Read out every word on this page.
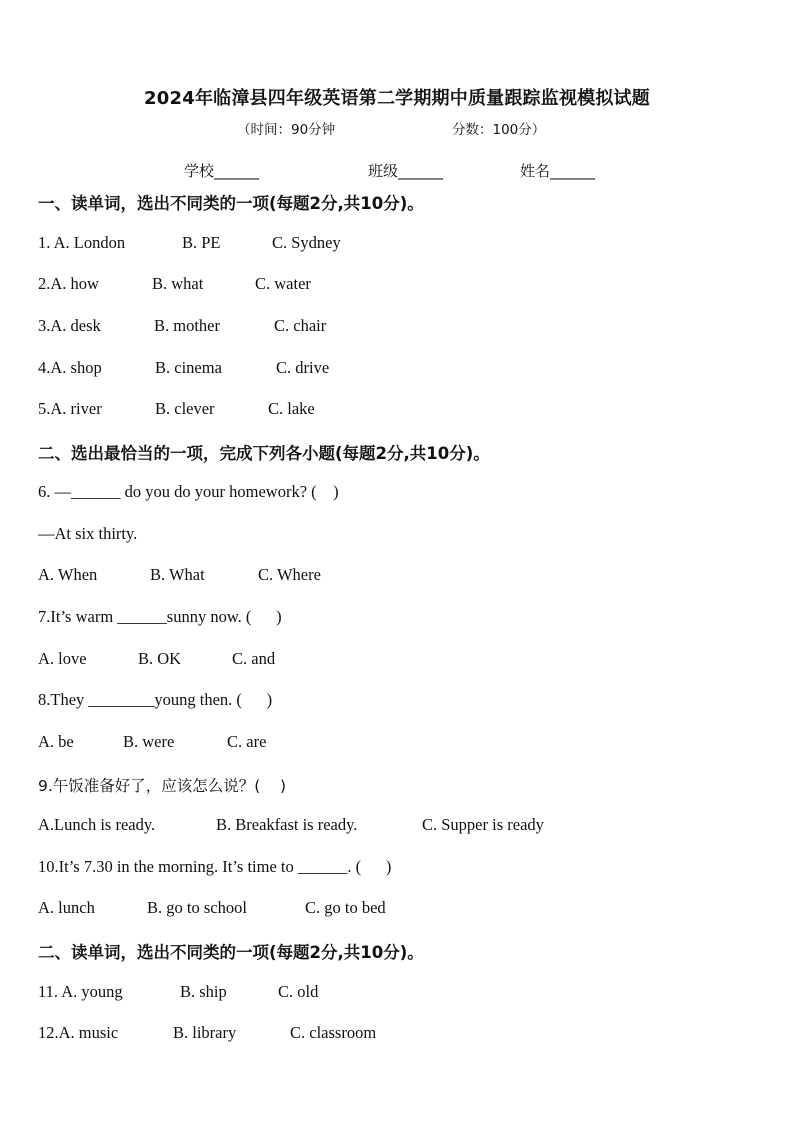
2024年临漳县四年级英语第二学期期中质量跟踪监视模拟试题
（时间：90分钟	分数：100分）
学校______	班级______	姓名______
一、读单词，选出不同类的一项(每题2分,共10分)。
1. A. London	B. PE	C. Sydney
2.A. how	B. what	C. water
3.A. desk	B. mother	C. chair
4.A. shop	B. cinema	C. drive
5.A. river	B. clever	C. lake
二、选出最恰当的一项，完成下列各小题(每题2分,共10分)。
6. —______ do you do your homework? (    )
—At six thirty.
A. When	B. What	C. Where
7.It’s warm ______sunny now. (      )
A. love	B. OK	C. and
8.They ________young then. (      )
A. be	B. were	C. are
9.午饭准备好了，应该怎么说？(    )
A.Lunch is ready.	B. Breakfast is ready.	C. Supper is ready
10.It’s 7.30 in the morning. It’s time to ______. (      )
A. lunch	B. go to school	C. go to bed
二、读单词，选出不同类的一项(每题2分,共10分)。
11. A. young	B. ship	C. old
12.A. music	B. library	C. classroom
